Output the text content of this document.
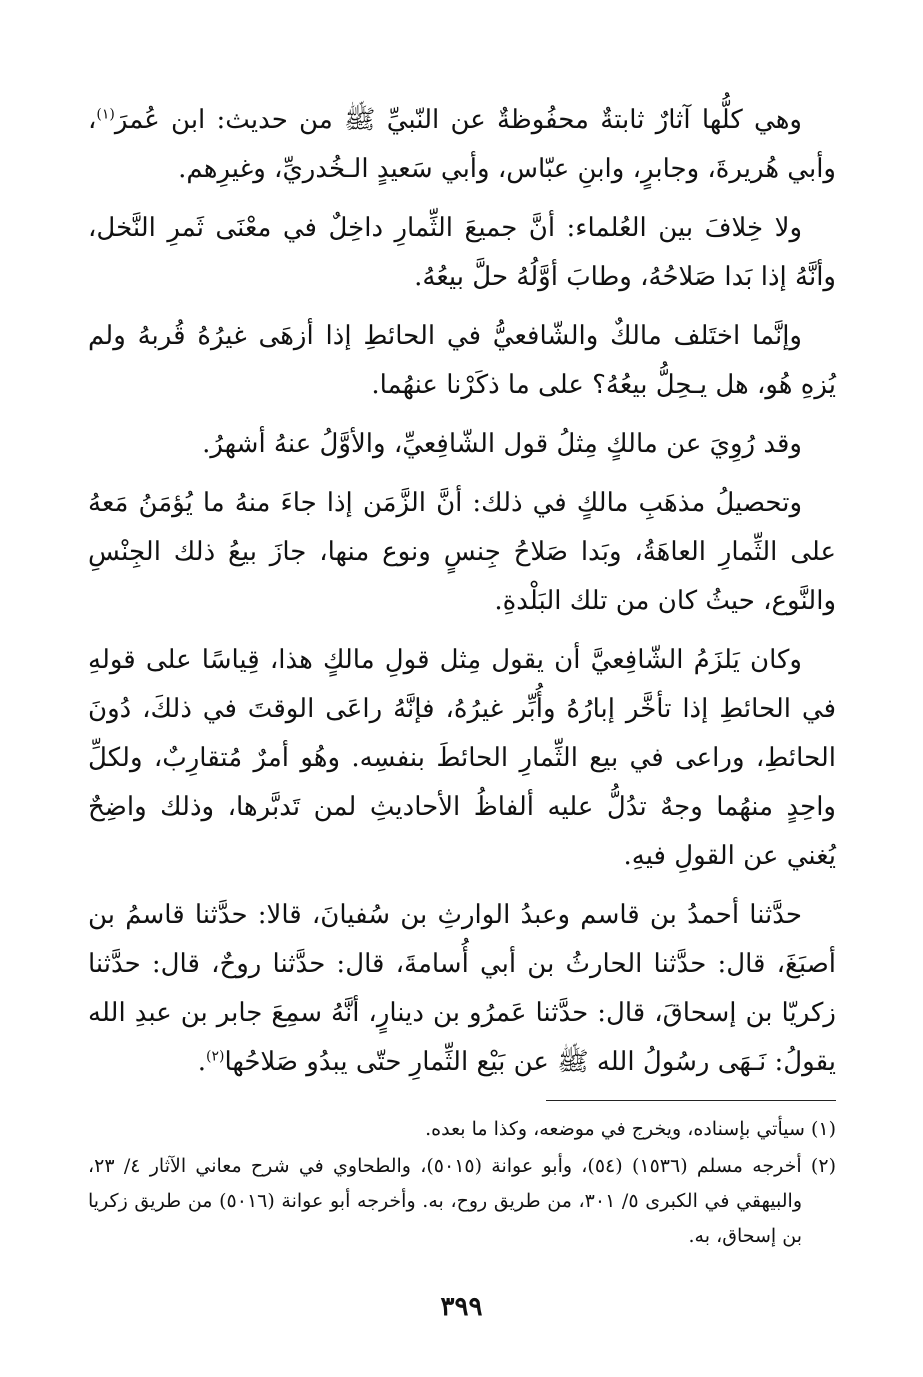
وهي كلُّها آثارٌ ثابتةٌ محفُوظةٌ عن النّبيِّ ﷺ من حديث: ابن عُمرَ$^{(١)}$، وأبي هُريرةَ، وجابرٍ، وابنِ عبّاس، وأبي سَعيدٍ الـخُدريِّ، وغيرِهم.

ولا خِلافَ بين العُلماء: أنَّ جميعَ الثِّمارِ داخِلٌ في معْنَى ثَمرِ النَّخل، وأنَّهُ إذا بَدا صَلاحُهُ، وطابَ أوَّلُهُ حلَّ بيعُهُ.

وإنَّما اختَلف مالكٌ والشّافعيُّ في الحائطِ إذا أزهَى غيرُهُ قُربهُ ولم يُزهِ هُو، هل يـحِلُّ بيعُهُ؟ على ما ذكَرْنا عنهُما.

وقد رُوِيَ عن مالكٍ مِثلُ قول الشّافِعيِّ، والأوَّلُ عنهُ أشهرُ.

وتحصيلُ مذهَبِ مالكٍ في ذلك: أنَّ الزَّمَن إذا جاءَ منهُ ما يُؤمَنُ مَعهُ على الثِّمارِ العاهَةُ، وبَدا صَلاحُ جِنسٍ ونوع منها، جازَ بيعُ ذلك الجِنْسِ والنَّوع، حيثُ كان من تلك البَلْدةِ.

وكان يَلزَمُ الشّافِعيَّ أن يقول مِثل قولِ مالكٍ هذا، قِياسًا على قولهِ في الحائطِ إذا تأخَّر إبارُهُ وأُبِّر غيرُهُ، فإنَّهُ راعَى الوقتَ في ذلكَ، دُونَ الحائطِ، وراعى في بيع الثِّمارِ الحائطَ بنفسِه. وهُو أمرٌ مُتقارِبٌ، ولكلِّ واحِدٍ منهُما وجهٌ تدُلُّ عليه ألفاظُ الأحاديثِ لمن تَدبَّرها، وذلك واضِحٌ يُغني عن القولِ فيهِ.

حدَّثنا أحمدُ بن قاسم وعبدُ الوارثِ بن سُفيانَ، قالا: حدَّثنا قاسمُ بن أصبَغَ، قال: حدَّثنا الحارثُ بن أبي أُسامةَ، قال: حدَّثنا روحٌ، قال: حدَّثنا زكريّا بن إسحاقَ، قال: حدَّثنا عَمرُو بن دينارٍ، أنَّهُ سمِعَ جابر بن عبدِ الله يقولُ: نَـهَى رسُولُ الله ﷺ عن بَيْع الثِّمارِ حتّى يبدُو صَلاحُها$^{(٢)}$.

(١) سيأتي بإسناده، ويخرج في موضعه، وكذا ما بعده.

(٢) أخرجه مسلم (١٥٣٦) (٥٤)، وأبو عوانة (٥٠١٥)، والطحاوي في شرح معاني الآثار ٤/ ٢٣، والبيهقي في الكبرى ٥/ ٣٠١، من طريق روح، به. وأخرجه أبو عوانة (٥٠١٦) من طريق زكريا بن إسحاق، به.

٣٩٩
